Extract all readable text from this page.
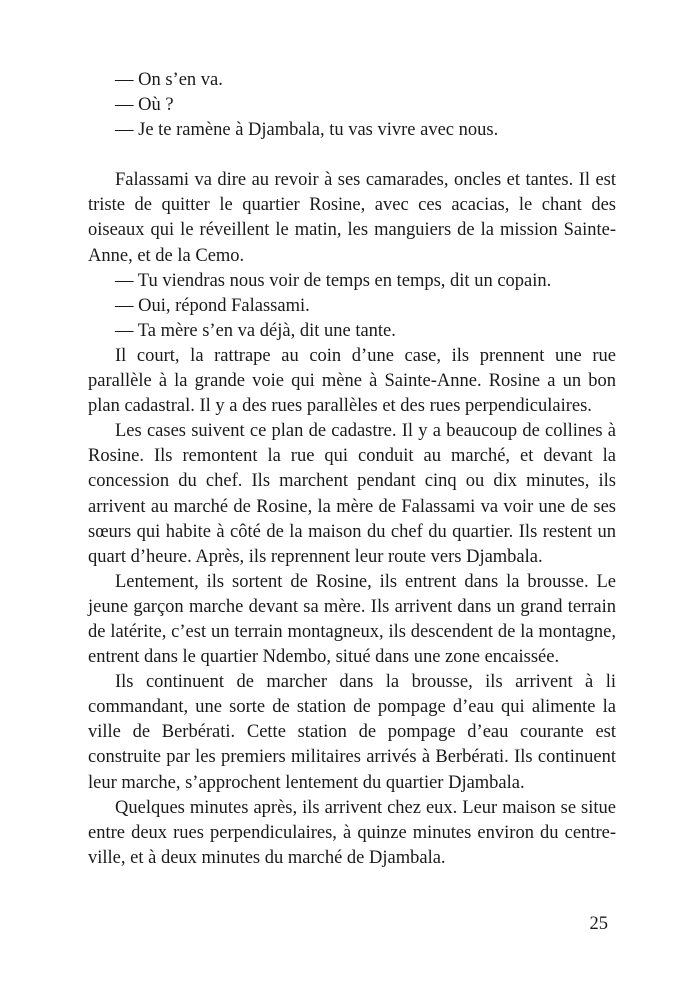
— On s’en va.

— Où ?

— Je te ramène à Djambala, tu vas vivre avec nous.

Falassami va dire au revoir à ses camarades, oncles et tantes. Il est triste de quitter le quartier Rosine, avec ces acacias, le chant des oiseaux qui le réveillent le matin, les manguiers de la mission Sainte-Anne, et de la Cemo.

— Tu viendras nous voir de temps en temps, dit un copain.

— Oui, répond Falassami.

— Ta mère s’en va déjà, dit une tante.

Il court, la rattrape au coin d’une case, ils prennent une rue parallèle à la grande voie qui mène à Sainte-Anne. Rosine a un bon plan cadastral. Il y a des rues parallèles et des rues perpendiculaires.

Les cases suivent ce plan de cadastre. Il y a beaucoup de collines à Rosine. Ils remontent la rue qui conduit au marché, et devant la concession du chef. Ils marchent pendant cinq ou dix minutes, ils arrivent au marché de Rosine, la mère de Falassami va voir une de ses sœurs qui habite à côté de la maison du chef du quartier. Ils restent un quart d’heure. Après, ils reprennent leur route vers Djambala.

Lentement, ils sortent de Rosine, ils entrent dans la brousse. Le jeune garçon marche devant sa mère. Ils arrivent dans un grand terrain de latérite, c’est un terrain montagneux, ils descendent de la montagne, entrent dans le quartier Ndembo, situé dans une zone encaissée.

Ils continuent de marcher dans la brousse, ils arrivent à li commandant, une sorte de station de pompage d’eau qui alimente la ville de Berbérati. Cette station de pompage d’eau courante est construite par les premiers militaires arrivés à Berbérati. Ils continuent leur marche, s’approchent lentement du quartier Djambala.

Quelques minutes après, ils arrivent chez eux. Leur maison se situe entre deux rues perpendiculaires, à quinze minutes environ du centre-ville, et à deux minutes du marché de Djambala.

25
